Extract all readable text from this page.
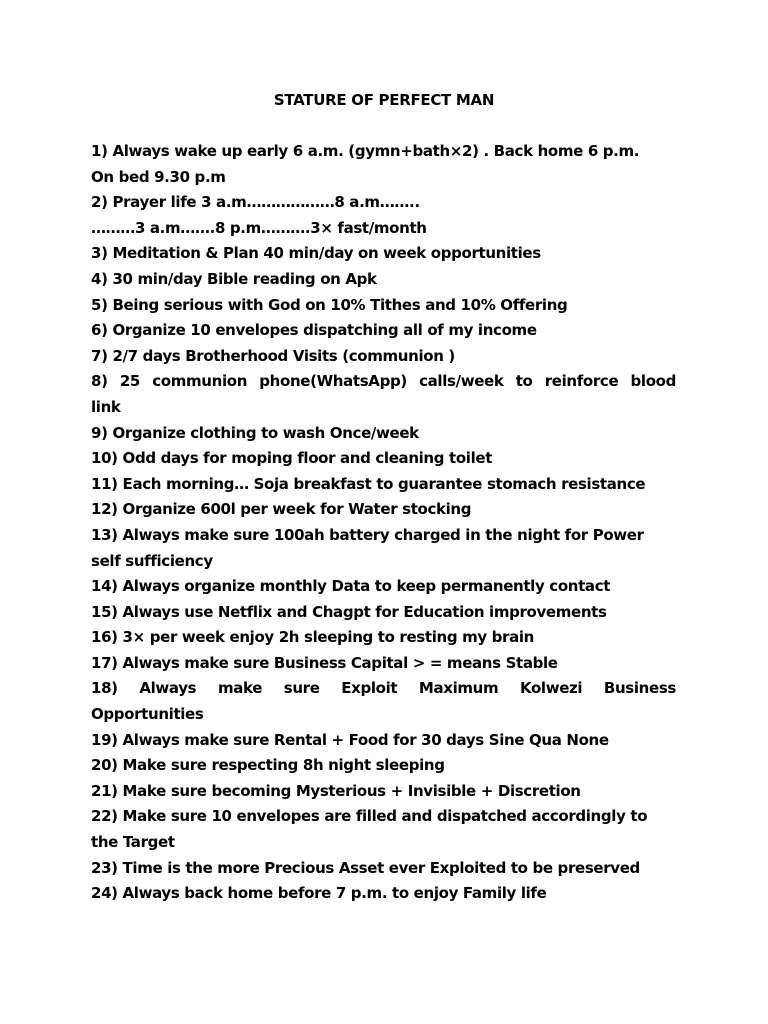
STATURE OF PERFECT MAN
1) Always wake up early 6 a.m. (gymn+bath×2) . Back home 6 p.m.
On bed 9.30 p.m
2) Prayer life 3 a.m………………8 a.m……..
………3 a.m…….8 p.m……….3× fast/month
3) Meditation & Plan 40 min/day on week opportunities
4) 30 min/day Bible reading on Apk
5) Being serious with God on 10% Tithes and 10% Offering
6) Organize 10 envelopes dispatching all of my income
7) 2/7 days Brotherhood Visits (communion )
8) 25 communion phone(WhatsApp) calls/week to reinforce blood
link
9) Organize clothing to wash Once/week
10) Odd days for moping floor and cleaning toilet
11) Each morning… Soja breakfast to guarantee stomach resistance
12) Organize 600l per week for Water stocking
13) Always make sure 100ah battery charged in the night for Power
self sufficiency
14) Always organize monthly Data to keep permanently contact
15) Always use Netflix and Chagpt for Education improvements
16) 3× per week enjoy 2h sleeping to resting my brain
17) Always make sure Business Capital > = means Stable
18) Always make sure Exploit Maximum Kolwezi Business
Opportunities
19) Always make sure Rental + Food for 30 days Sine Qua None
20) Make sure respecting 8h night sleeping
21) Make sure becoming Mysterious + Invisible + Discretion
22) Make sure 10 envelopes are filled and dispatched accordingly to
the Target
23) Time is the more Precious Asset ever Exploited to be preserved
24) Always back home before 7 p.m. to enjoy Family life
